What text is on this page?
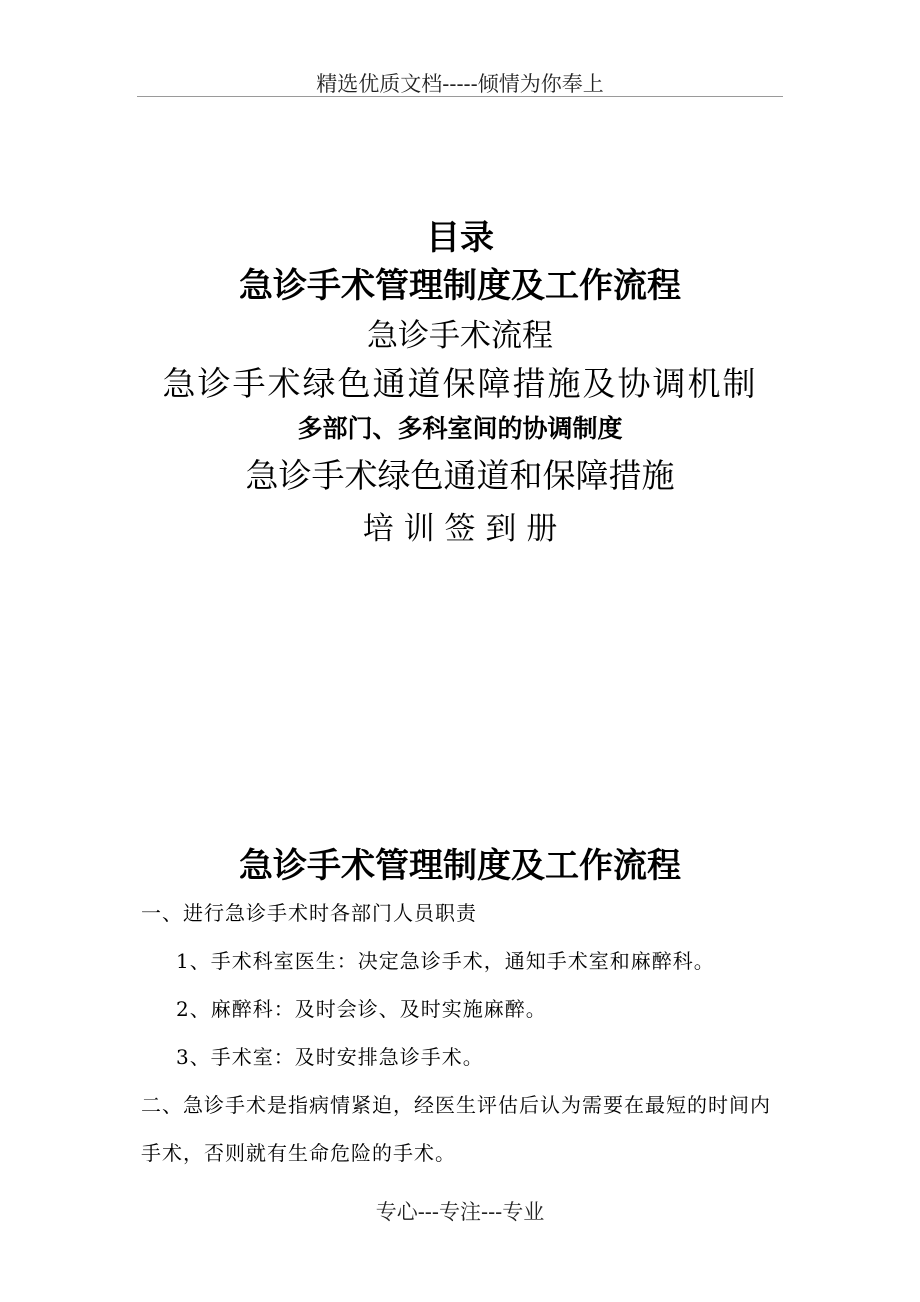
精选优质文档-----倾情为你奉上
目录
急诊手术管理制度及工作流程
急诊手术流程
急诊手术绿色通道保障措施及协调机制
多部门、多科室间的协调制度
急诊手术绿色通道和保障措施
培 训 签 到 册
急诊手术管理制度及工作流程
一、进行急诊手术时各部门人员职责
1、手术科室医生：决定急诊手术，通知手术室和麻醉科。
2、麻醉科：及时会诊、及时实施麻醉。
3、手术室：及时安排急诊手术。
二、急诊手术是指病情紧迫，经医生评估后认为需要在最短的时间内
手术，否则就有生命危险的手术。
专心---专注---专业
